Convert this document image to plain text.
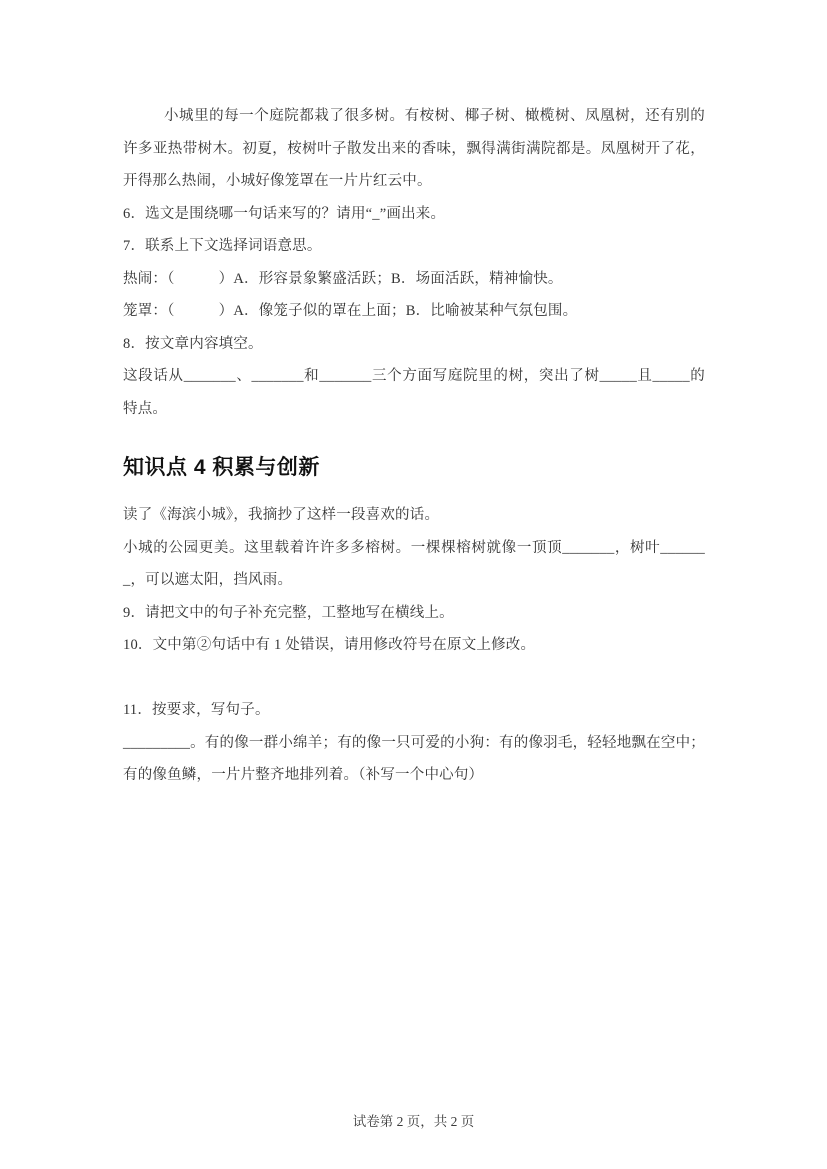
小城里的每一个庭院都栽了很多树。有桉树、椰子树、橄榄树、凤凰树，还有别的许多亚热带树木。初夏，桉树叶子散发出来的香味，飘得满街满院都是。凤凰树开了花，开得那么热闹，小城好像笼罩在一片片红云中。

6．选文是围绕哪一句话来写的？请用“_”画出来。

7．联系上下文选择词语意思。

热闹：（　　　）A．形容景象繁盛活跃；B．场面活跃，精神愉快。

笼罩：（　　　）A．像笼子似的罩在上面；B．比喻被某种气氛包围。

8．按文章内容填空。

这段话从_______、_______和_______三个方面写庭院里的树，突出了树_____且_____的特点。

知识点 4 积累与创新

读了《海滨小城》，我摘抄了这样一段喜欢的话。

小城的公园更美。这里载着许许多多榕树。一棵棵榕树就像一顶顶_______，树叶_______，可以遮太阳，挡风雨。

9．请把文中的句子补充完整，工整地写在横线上。

10．文中第②句话中有 1 处错误，请用修改符号在原文上修改。

11．按要求，写句子。

_________。有的像一群小绵羊；有的像一只可爱的小狗：有的像羽毛，轻轻地飘在空中；有的像鱼鳞，一片片整齐地排列着。（补写一个中心句）

试卷第 2 页，共 2 页
